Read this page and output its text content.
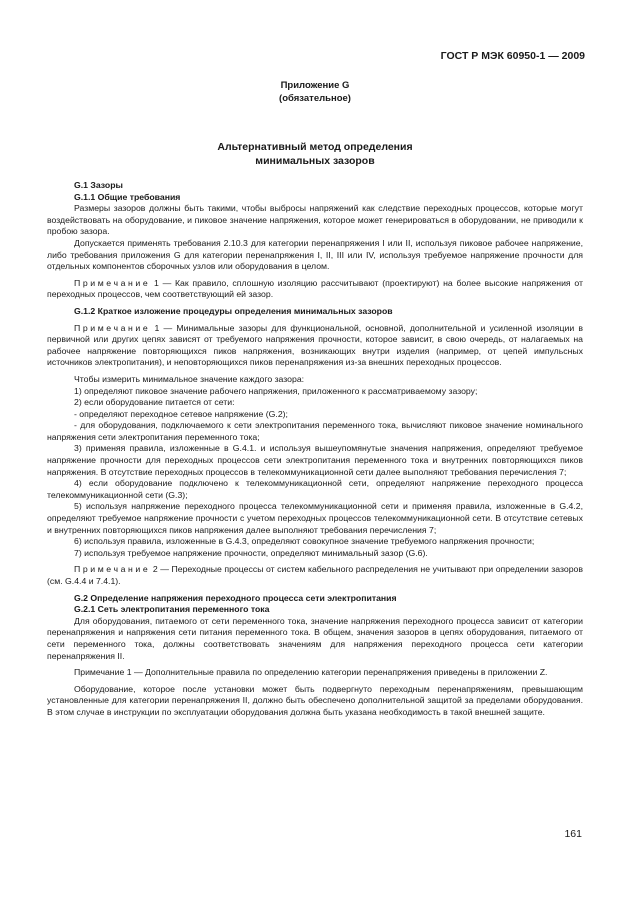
ГОСТ Р МЭК 60950-1 — 2009
Приложение G
(обязательное)
Альтернативный метод определения
минимальных зазоров

G.1 Зазоры

G.1.1 Общие требования

Размеры зазоров должны быть такими, чтобы выбросы напряжений как следствие переходных процессов, которые могут воздействовать на оборудование, и пиковое значение напряжения, которое может генерироваться в оборудовании, не приводили к пробою зазора.

Допускается применять требования 2.10.3 для категории перенапряжения I или II, используя пиковое рабочее напряжение, либо требования приложения G для категории перенапряжения I, II, III или IV, используя требуемое напряжение прочности для отдельных компонентов сборочных узлов или оборудования в целом.

Примечание 1 — Как правило, сплошную изоляцию рассчитывают (проектируют) на более высокие напряжения от переходных процессов, чем соответствующий ей зазор.

G.1.2 Краткое изложение процедуры определения минимальных зазоров

Примечание 1 — Минимальные зазоры для функциональной, основной, дополнительной и усиленной изоляции в первичной или других цепях зависят от требуемого напряжения прочности, которое зависит, в свою очередь, от налагаемых на рабочее напряжение повторяющихся пиков напряжения, возникающих внутри изделия (например, от цепей импульсных источников электропитания), и неповторяющихся пиков перенапряжения из-за внешних переходных процессов.

Чтобы измерить минимальное значение каждого зазора:

1) определяют пиковое значение рабочего напряжения, приложенного к рассматриваемому зазору;

2) если оборудование питается от сети:

- определяют переходное сетевое напряжение (G.2);

- для оборудования, подключаемого к сети электропитания переменного тока, вычисляют пиковое значение номинального напряжения сети электропитания переменного тока;

3) применяя правила, изложенные в G.4.1. и используя вышеупомянутые значения напряжения, определяют требуемое напряжение прочности для переходных процессов сети электропитания переменного тока и внутренних повторяющихся пиков напряжения. В отсутствие переходных процессов в телекоммуникационной сети далее выполняют требования перечисления 7;

4) если оборудование подключено к телекоммуникационной сети, определяют напряжение переходного процесса телекоммуникационной сети (G.3);

5) используя напряжение переходного процесса телекоммуникационной сети и применяя правила, изложенные в G.4.2, определяют требуемое напряжение прочности с учетом переходных процессов телекоммуникационной сети. В отсутствие сетевых и внутренних повторяющихся пиков напряжения далее выполняют требования перечисления 7;

6) используя правила, изложенные в G.4.3, определяют совокупное значение требуемого напряжения прочности;

7) используя требуемое напряжение прочности, определяют минимальный зазор (G.6).

Примечание 2 — Переходные процессы от систем кабельного распределения не учитывают при определении зазоров (см. G.4.4 и 7.4.1).

G.2 Определение напряжения переходного процесса сети электропитания

G.2.1 Сеть электропитания переменного тока

Для оборудования, питаемого от сети переменного тока, значение напряжения переходного процесса зависит от категории перенапряжения и напряжения сети питания переменного тока. В общем, значения зазоров в цепях оборудования, питаемого от сети переменного тока, должны соответствовать значениям для напряжения переходного процесса сети категории перенапряжения II.

Примечание 1 — Дополнительные правила по определению категории перенапряжения приведены в приложении Z.

Оборудование, которое после установки может быть подвергнуто переходным перенапряжениям, превышающим установленные для категории перенапряжения II, должно быть обеспечено дополнительной защитой за пределами оборудования. В этом случае в инструкции по эксплуатации оборудования должна быть указана необходимость в такой внешней защите.

161
